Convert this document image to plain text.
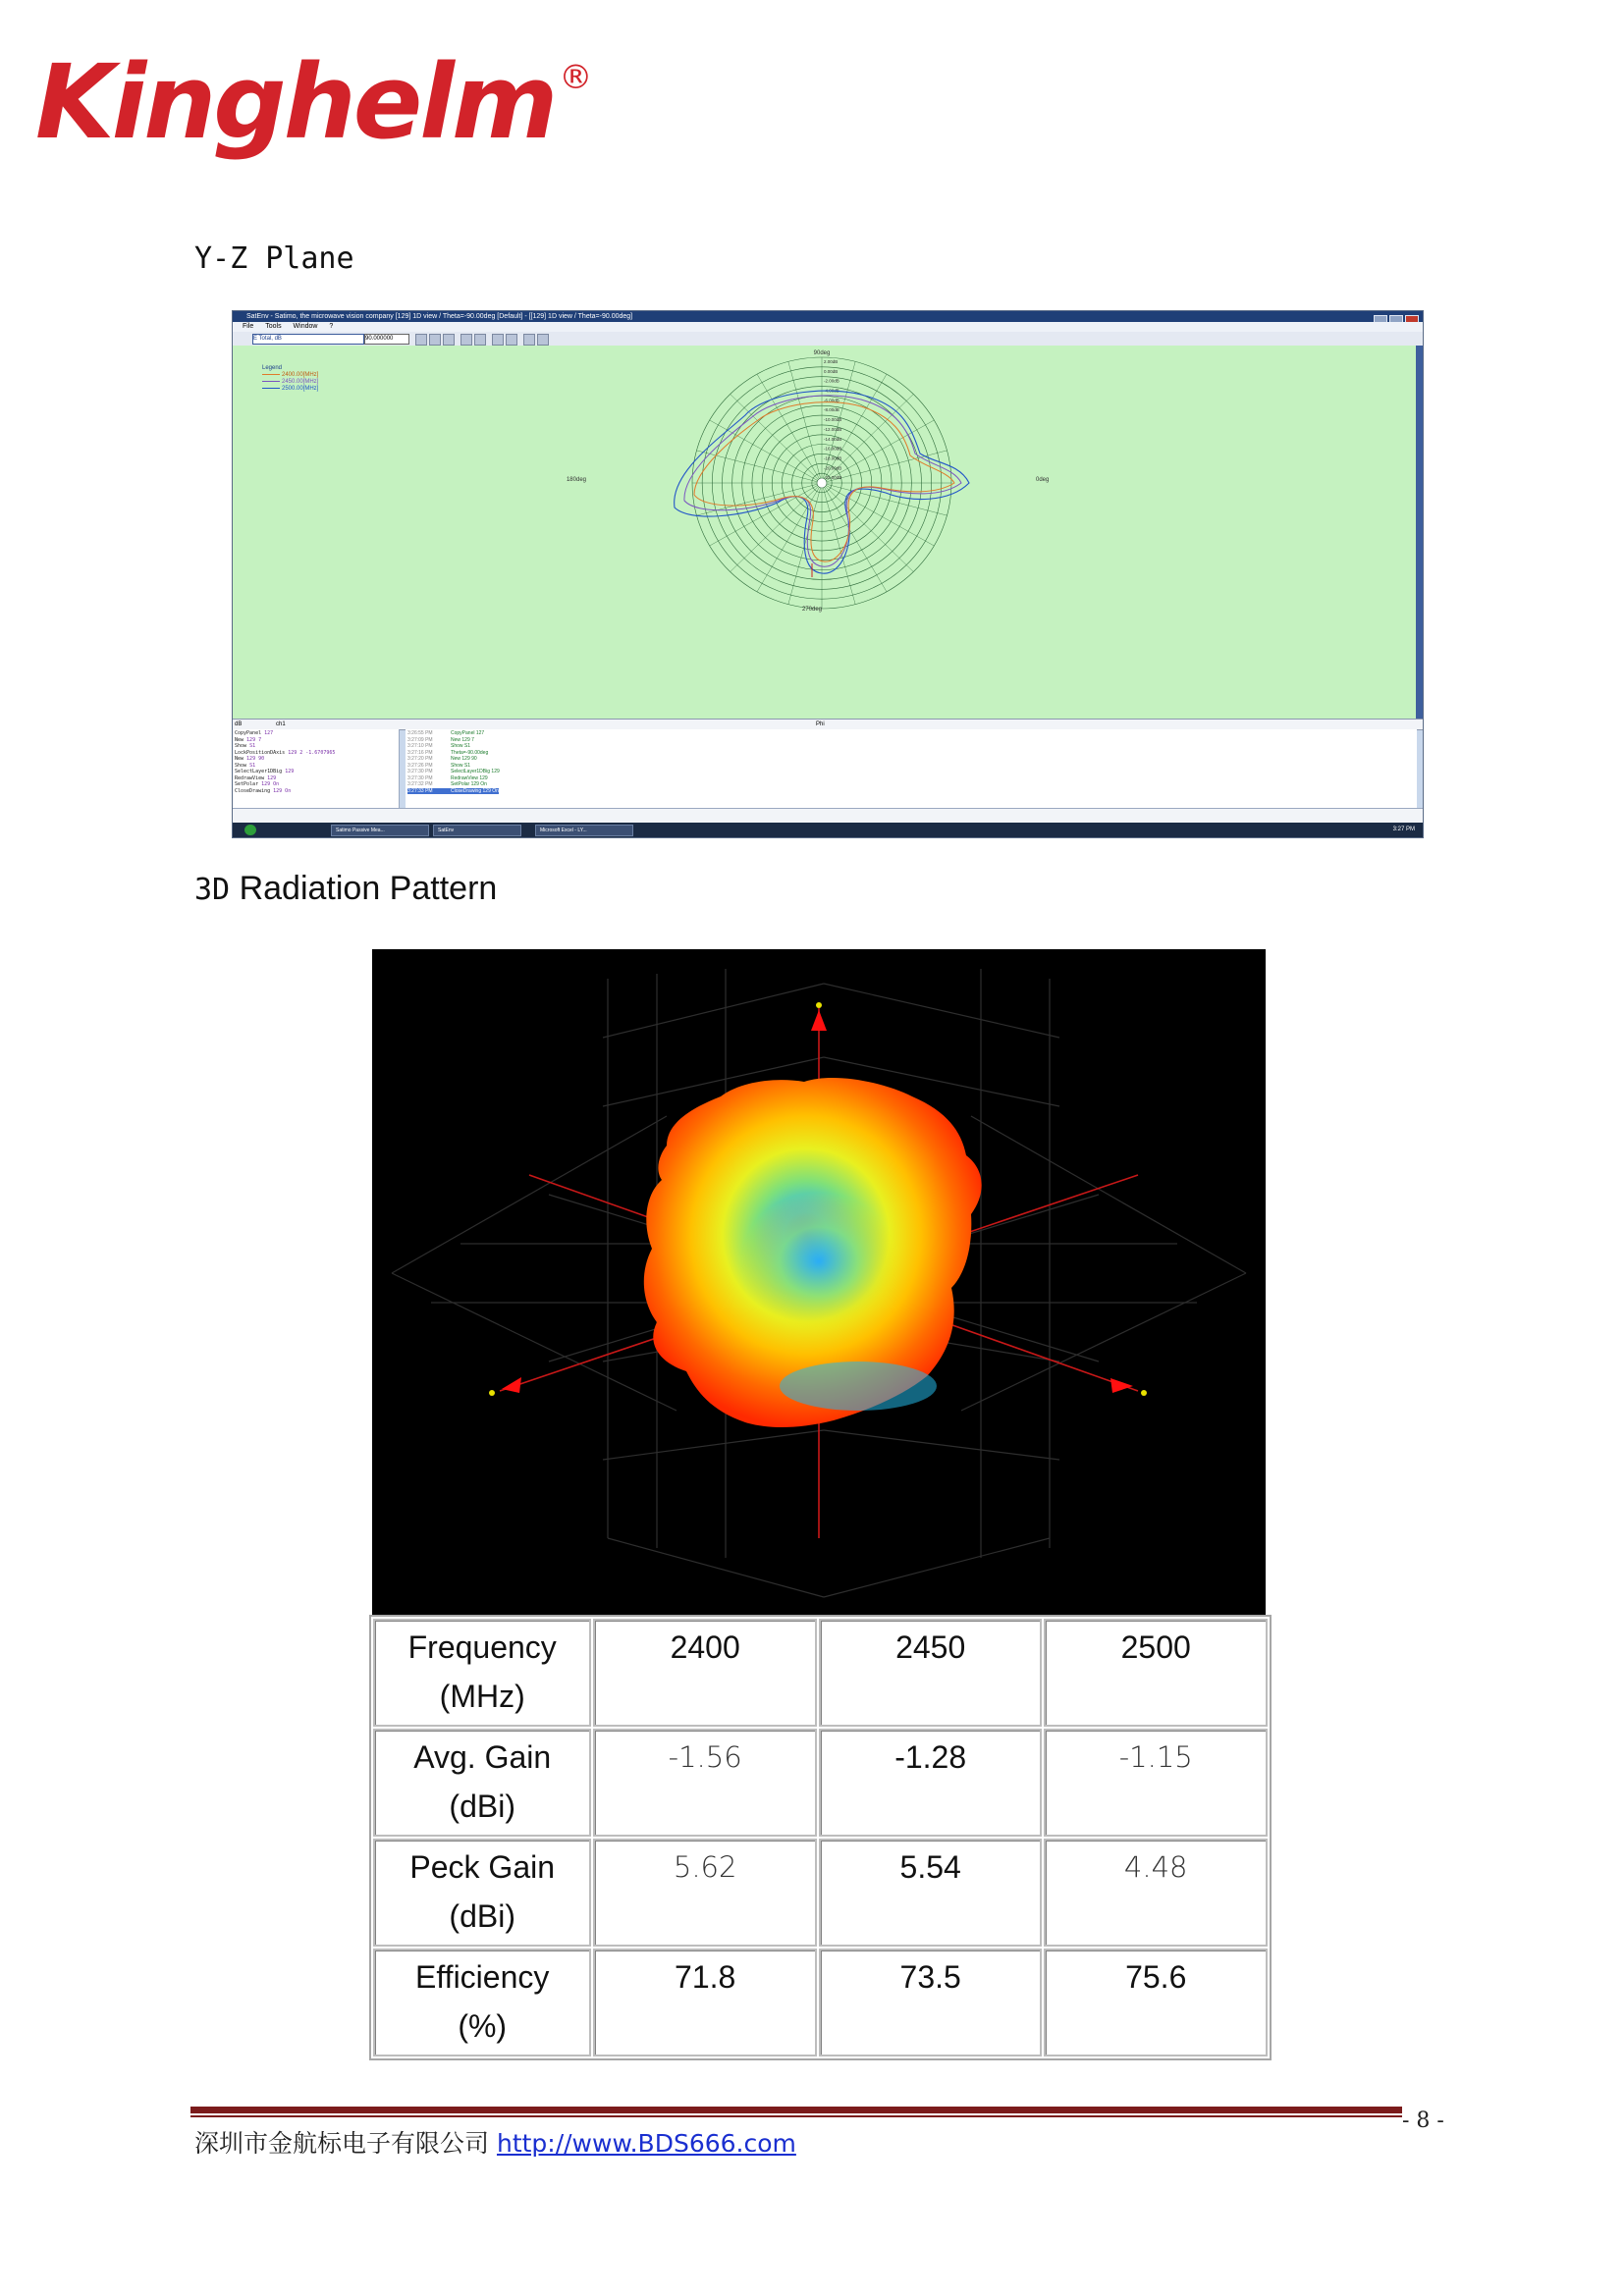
Kinghelm ®
Y-Z Plane
SatEnv - Satimo, the microwave vision company [129] 1D view / Theta=-90.00deg [Default] - [[129] 1D view / Theta=-90.00deg]
File Tools Window ?
E Total, dB	90.000000
Legend
2400.00[MHz]
2450.00[MHz]
2500.00[MHz]
90deg
180deg	0deg
270deg
2.00dB
0.00dB
-2.00dB
-4.00dB
-6.00dB
-8.00dB
-10.00dB
-12.00dB
-14.00dB
-16.00dB
-18.00dB
-20.00dB
-22.00dB
dB	ch1	Phi
CopyPanel 127
New 129 7
Show S1
LockPositionDAxis 129 2 -1.6707965
New 129 90
Show S1
SelectLayer1DBig 129
RedrawView 129
SetPolar 129 On
CloseDrawing 129 On
3:26:55 PM	CopyPanel 127
3:27:09 PM	New 129 7
3:27:10 PM	Show S1
3:27:16 PM	Theta=-90.00deg
3:27:20 PM	New 129 90
3:27:26 PM	Show S1
3:27:30 PM	SelectLayer1DBig 129
3:27:30 PM	RedrawView 129
3:27:32 PM	SetPolar 129 On
3:27:33 PM	CloseDrawing 129 On
Satimo Passive Mea...	SatEnv	Microsoft Excel - LY...	3:27 PM
3D Radiation Pattern
Frequency
(MHz)	2400	2450	2500

Avg. Gain
(dBi)	-1.56	-1.28	-1.15

Peck Gain
(dBi)	5.62	5.54	4.48

Efficiency
(%)	71.8	73.5	75.6
深圳市金航标电子有限公司 http://www.BDS666.com
- 8 -
